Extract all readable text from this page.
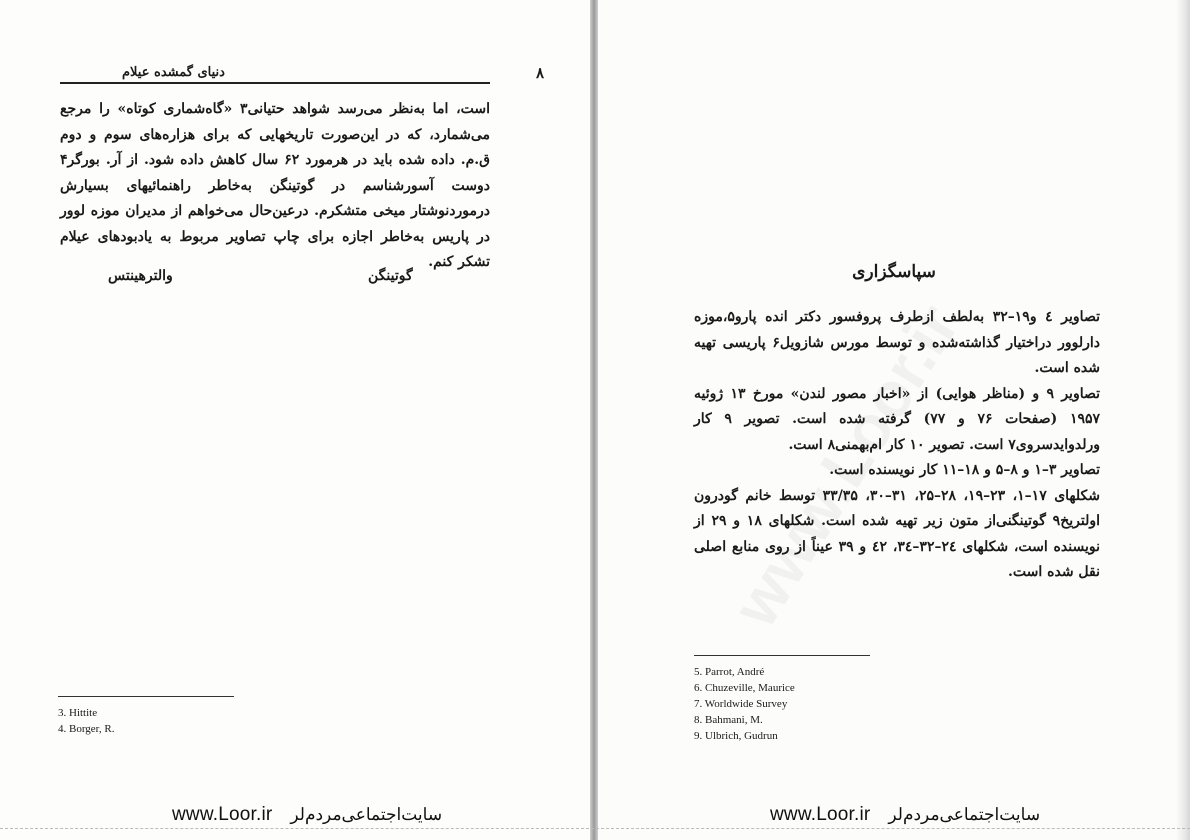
دنیای گمشده عیلام	۸
است، اما به‌نظر می‌رسد شواهد حتیانی۳ «گاه‌شماری کوتاه» را مرجع می‌شمارد، که در این‌صورت تاریخهایی که برای هزاره‌های سوم و دوم ق.م. داده شده باید در هرمورد ۶۲ سال کاهش داده شود. از آر. بورگر۴ دوست آسورشناسم در گوتینگن به‌خاطر راهنمائیهای بسیارش درموردنوشتار میخی متشکرم. درعین‌حال می‌خواهم از مدیران موزه لوور در پاریس به‌خاطر اجازه برای چاپ تصاویر مربوط به یادبودهای عیلام تشکر کنم.
گوتینگن
والترهینتس
3. Hittite
4. Borger, R.
www.Loor.ir سایت‌اجتماعی‌مردم‌لر
سپاسگزاری
تصاویر ٤ و١٩–٣٢ به‌لطف ازطرف پروفسور دکتر انده پارو۵،موزه دارلوور دراختیار گذاشته‌شده و توسط مورس شازویل۶ پاریسی تهیه شده است.
تصاویر ۹ و (مناظر هوایی) از «اخبار مصور لندن» مورخ ۱۳ ژوئیه ۱۹۵۷ (صفحات ۷۶ و ۷۷) گرفته شده است. تصویر ۹ کار ورلدوایدسروی۷ است. تصویر ۱۰ کار ام‌بهمنی۸ است.
تصاویر ۳–۱ و ۸–۵ و ۱۸–۱۱ کار نویسنده است.
شکلهای ۱۷–۱، ۲۳–۱۹، ۲۸–۲۵، ۳۱–۳۰، ۳۳/۳۵ توسط خانم گودرون اولتریخ۹ گوتینگنی‌از متون زیر تهیه شده است. شکلهای ۱۸ و ۲۹ از نویسنده است، شکلهای ۲٤–۳۲–۳٤، ٤۲ و ۳۹ عیناً از روی منابع اصلی نقل شده است.
5. Parrot, André
6. Chuzeville, Maurice
7. Worldwide Survey
8. Bahmani, M.
9. Ulbrich, Gudrun
www.Loor.ir سایت‌اجتماعی‌مردم‌لر
